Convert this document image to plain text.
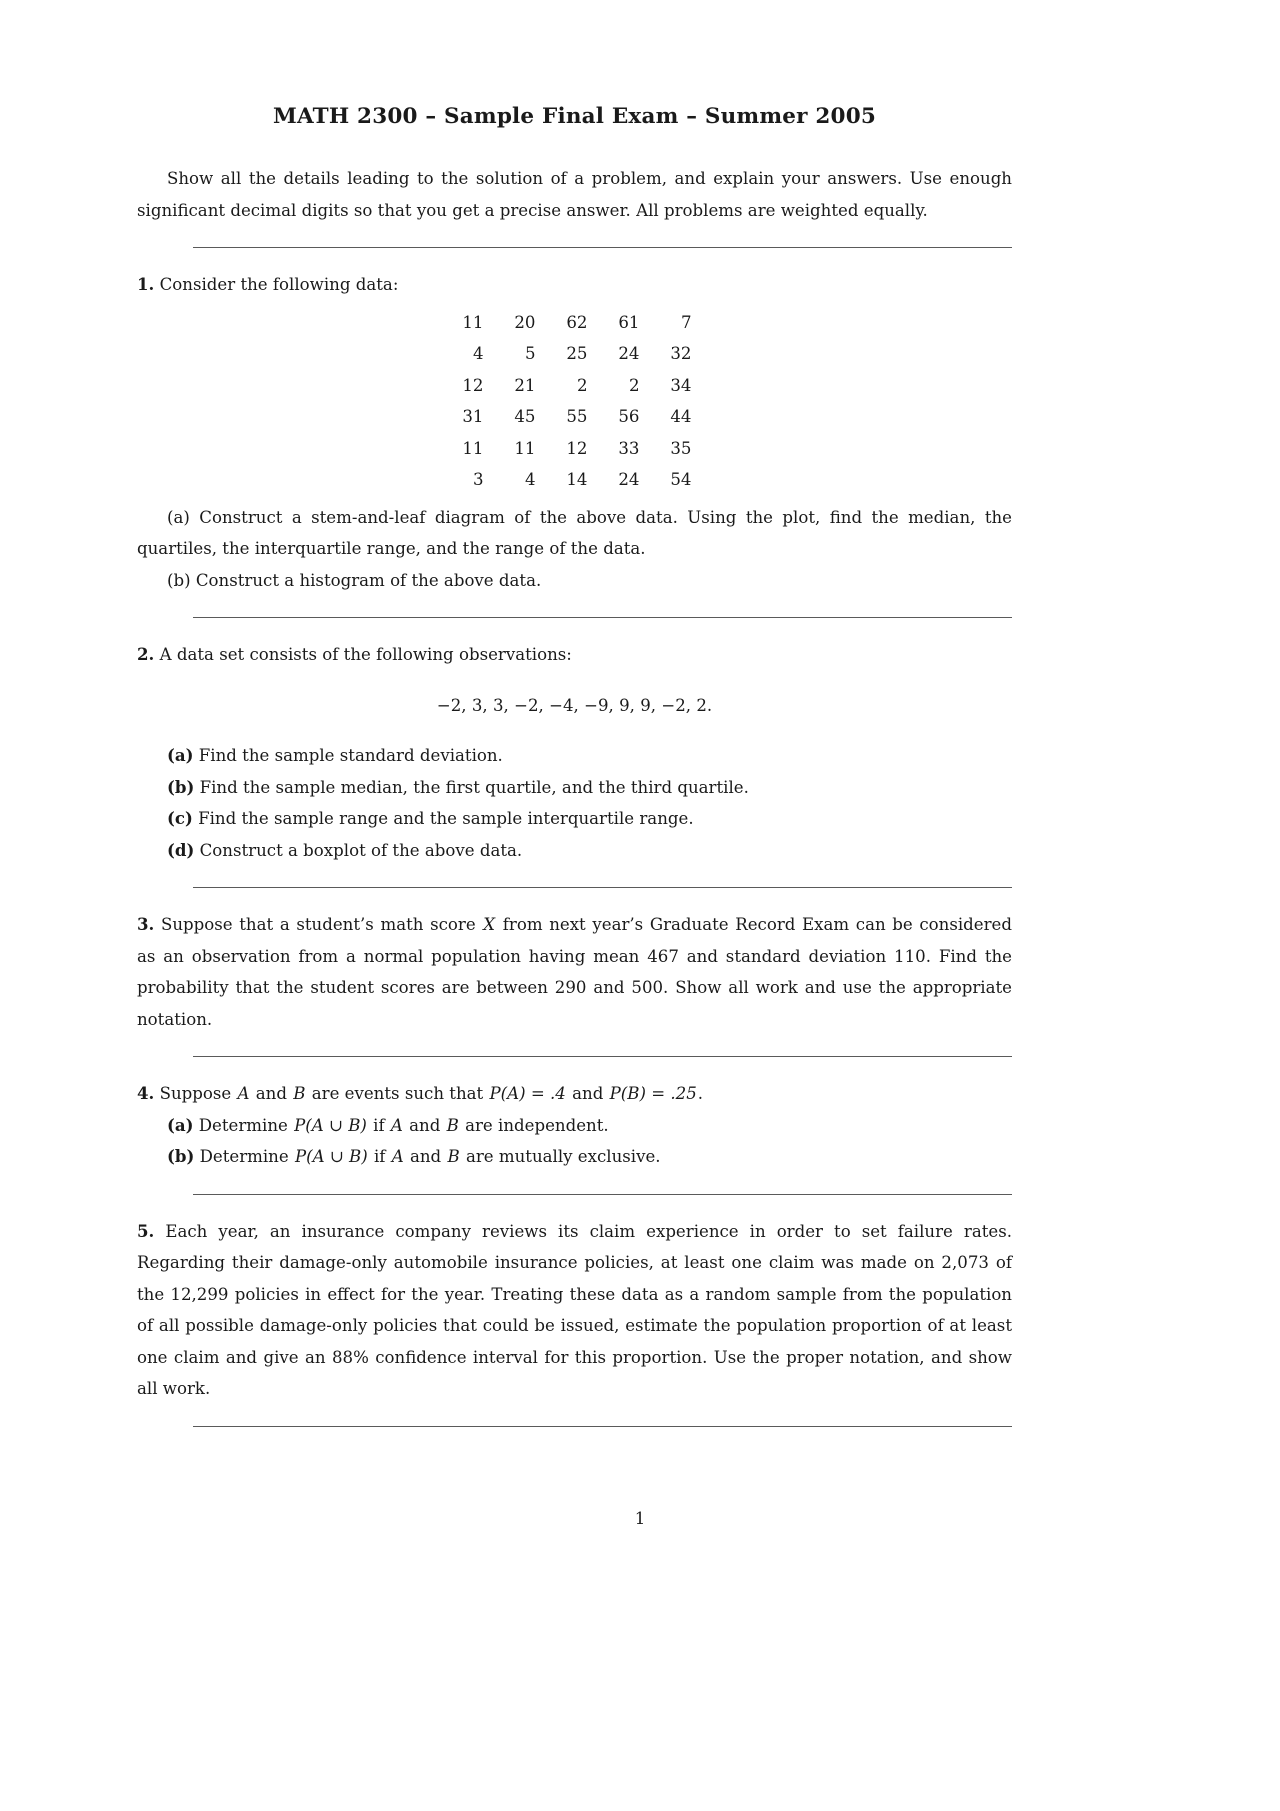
MATH 2300 – Sample Final Exam – Summer 2005

Show all the details leading to the solution of a problem, and explain your answers. Use enough significant decimal digits so that you get a precise answer. All problems are weighted equally.

1. Consider the following data:

11	20	62	61	7
4	5	25	24	32
12	21	2	2	34
31	45	55	56	44
11	11	12	33	35
3	4	14	24	54

(a) Construct a stem-and-leaf diagram of the above data. Using the plot, find the median, the quartiles, the interquartile range, and the range of the data.

(b) Construct a histogram of the above data.

2. A data set consists of the following observations:

−2, 3, 3, −2, −4, −9, 9, 9, −2, 2.

(a) Find the sample standard deviation.

(b) Find the sample median, the first quartile, and the third quartile.

(c) Find the sample range and the sample interquartile range.

(d) Construct a boxplot of the above data.

3. Suppose that a student’s math score X from next year’s Graduate Record Exam can be considered as an observation from a normal population having mean 467 and standard deviation 110. Find the probability that the student scores are between 290 and 500. Show all work and use the appropriate notation.

4. Suppose A and B are events such that P(A) = .4 and P(B) = .25.

(a) Determine P(A ∪ B) if A and B are independent.

(b) Determine P(A ∪ B) if A and B are mutually exclusive.

5. Each year, an insurance company reviews its claim experience in order to set failure rates. Regarding their damage-only automobile insurance policies, at least one claim was made on 2,073 of the 12,299 policies in effect for the year. Treating these data as a random sample from the population of all possible damage-only policies that could be issued, estimate the population proportion of at least one claim and give an 88% confidence interval for this proportion. Use the proper notation, and show all work.

1
